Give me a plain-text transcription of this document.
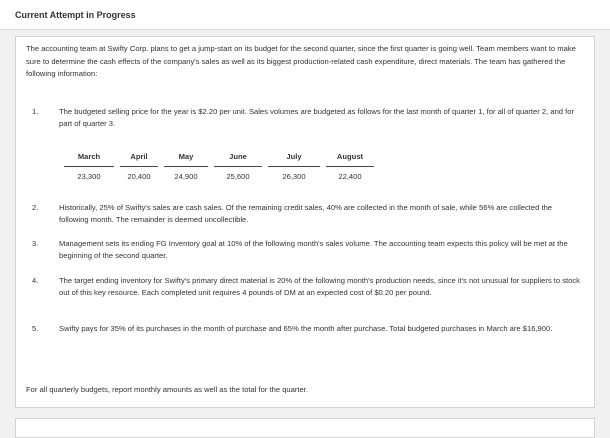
Current Attempt in Progress
The accounting team at Swifty Corp. plans to get a jump-start on its budget for the second quarter, since the first quarter is going well. Team members want to make sure to determine the cash effects of the company's sales as well as its biggest production-related cash expenditure, direct materials. The team has gathered the following information:
1.	The budgeted selling price for the year is $2.20 per unit. Sales volumes are budgeted as follows for the last month of quarter 1, for all of quarter 2, and for part of quarter 3.
March		April		May		June		July		August
23,300		20,400		24,900		25,600		26,300		22,400
2.	Historically, 25% of Swifty's sales are cash sales. Of the remaining credit sales, 40% are collected in the month of sale, while 56% are collected the following month. The remainder is deemed uncollectible.
3.	Management sets its ending FG Inventory goal at 10% of the following month's sales volume. The accounting team expects this policy will be met at the beginning of the second quarter.
4.	The target ending inventory for Swifty's primary direct material is 20% of the following month's production needs, since it's not unusual for suppliers to stock out of this key resource. Each completed unit requires 4 pounds of DM at an expected cost of $0.20 per pound.
5.	Swifty pays for 35% of its purchases in the month of purchase and 65% the month after purchase. Total budgeted purchases in March are $16,900.
For all quarterly budgets, report monthly amounts as well as the total for the quarter.
